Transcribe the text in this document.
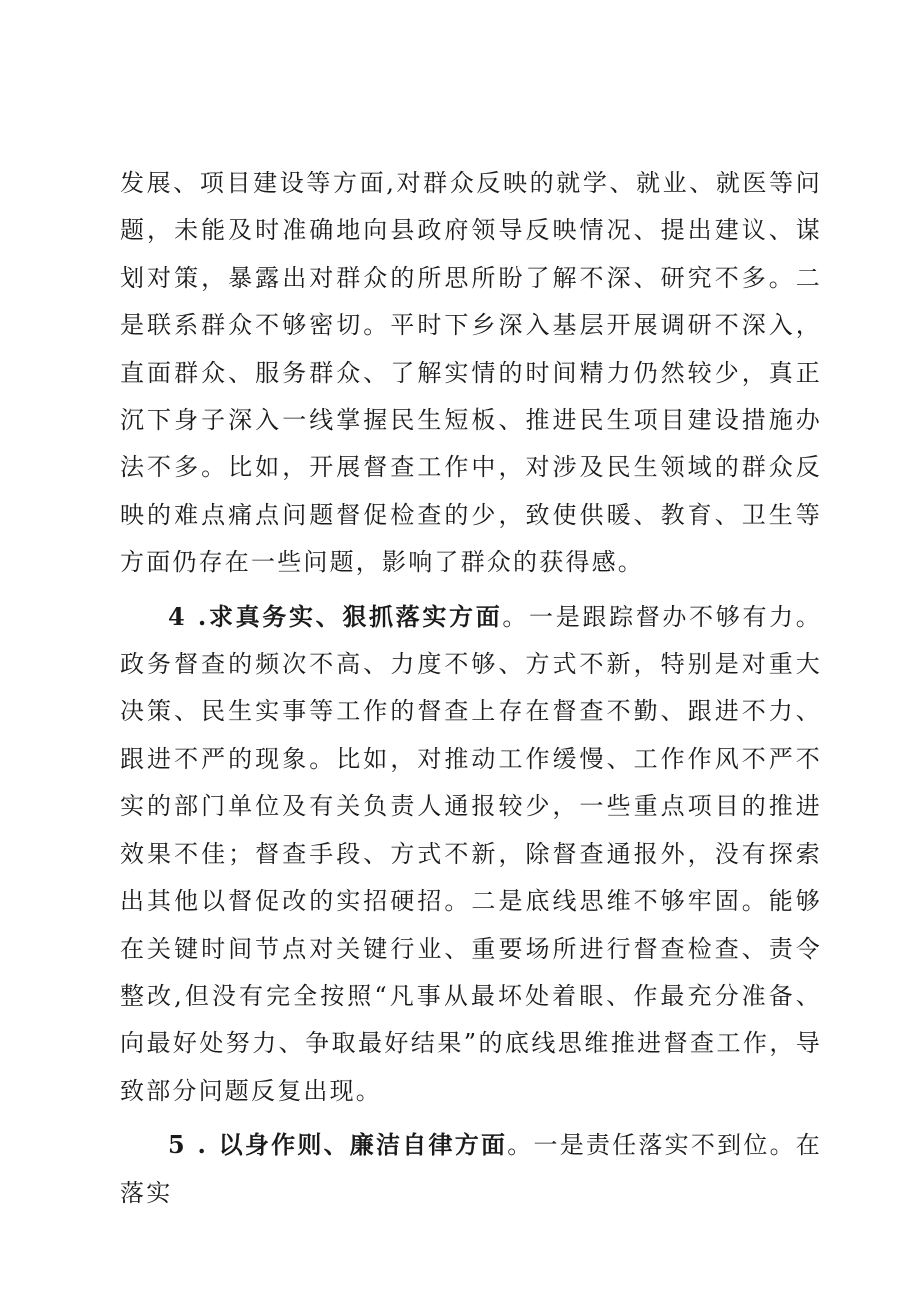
发展、项目建设等方面,对群众反映的就学、就业、就医等问题，未能及时准确地向县政府领导反映情况、提出建议、谋划对策，暴露出对群众的所思所盼了解不深、研究不多。二是联系群众不够密切。平时下乡深入基层开展调研不深入，直面群众、服务群众、了解实情的时间精力仍然较少，真正沉下身子深入一线掌握民生短板、推进民生项目建设措施办法不多。比如，开展督查工作中，对涉及民生领域的群众反映的难点痛点问题督促检查的少，致使供暖、教育、卫生等方面仍存在一些问题，影响了群众的获得感。

4 .求真务实、狠抓落实方面。一是跟踪督办不够有力。政务督查的频次不高、力度不够、方式不新，特别是对重大决策、民生实事等工作的督查上存在督查不勤、跟进不力、跟进不严的现象。比如，对推动工作缓慢、工作作风不严不实的部门单位及有关负责人通报较少，一些重点项目的推进效果不佳；督查手段、方式不新，除督查通报外，没有探索出其他以督促改的实招硬招。二是底线思维不够牢固。能够在关键时间节点对关键行业、重要场所进行督查检查、责令整改,但没有完全按照“凡事从最坏处着眼、作最充分准备、向最好处努力、争取最好结果”的底线思维推进督查工作，导致部分问题反复出现。

5 . 以身作则、廉洁自律方面。一是责任落实不到位。在落实
